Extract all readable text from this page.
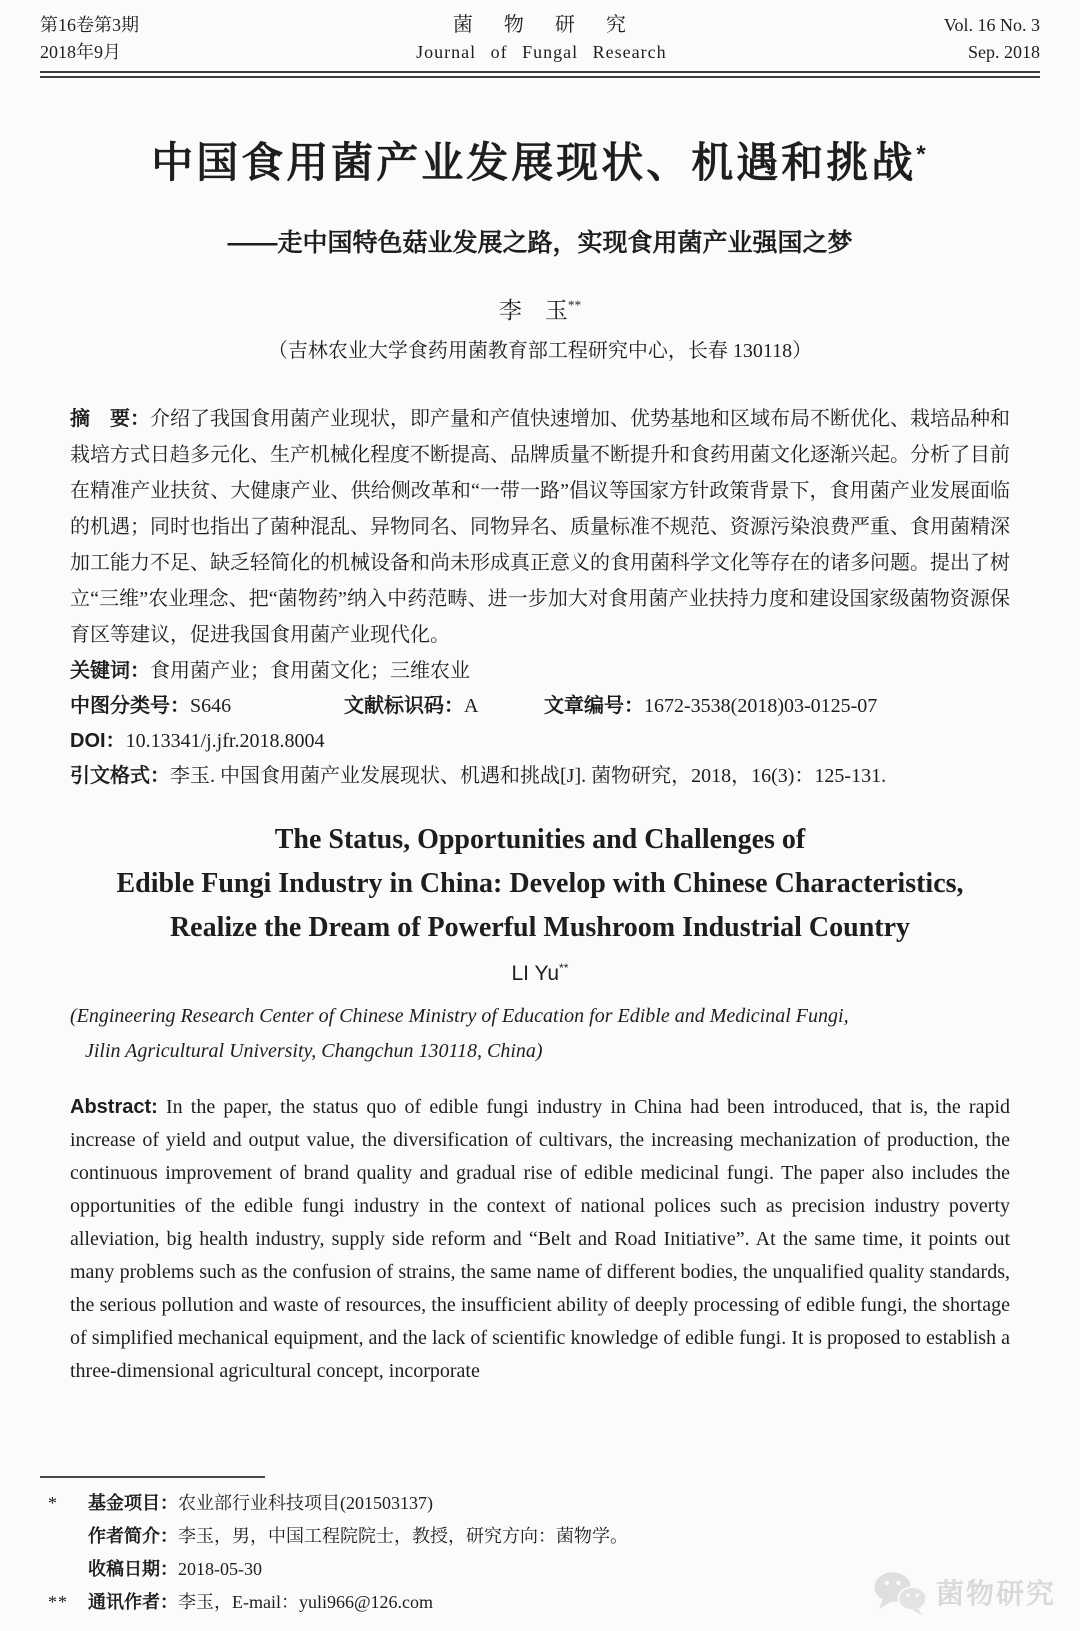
第16卷第3期
2018年9月
菌 物 研 究
Journal of Fungal Research
Vol. 16 No. 3
Sep. 2018
中国食用菌产业发展现状、机遇和挑战*
——走中国特色菇业发展之路，实现食用菌产业强国之梦
李　玉**
（吉林农业大学食药用菌教育部工程研究中心，长春 130118）

摘　要：介绍了我国食用菌产业现状，即产量和产值快速增加、优势基地和区域布局不断优化、栽培品种和栽培方式日趋多元化、生产机械化程度不断提高、品牌质量不断提升和食药用菌文化逐渐兴起。分析了目前在精准产业扶贫、大健康产业、供给侧改革和“一带一路”倡议等国家方针政策背景下，食用菌产业发展面临的机遇；同时也指出了菌种混乱、异物同名、同物异名、质量标准不规范、资源污染浪费严重、食用菌精深加工能力不足、缺乏轻简化的机械设备和尚未形成真正意义的食用菌科学文化等存在的诸多问题。提出了树立“三维”农业理念、把“菌物药”纳入中药范畴、进一步加大对食用菌产业扶持力度和建设国家级菌物资源保育区等建议，促进我国食用菌产业现代化。

关键词：食用菌产业；食用菌文化；三维农业
中图分类号：S646	文献标识码：A	文章编号：1672-3538(2018)03-0125-07
DOI：10.13341/j.jfr.2018.8004
引文格式：李玉. 中国食用菌产业发展现状、机遇和挑战[J]. 菌物研究，2018，16(3)：125-131.
The Status, Opportunities and Challenges of
Edible Fungi Industry in China: Develop with Chinese Characteristics,
Realize the Dream of Powerful Mushroom Industrial Country
LI Yu**
(Engineering Research Center of Chinese Ministry of Education for Edible and Medicinal Fungi,
Jilin Agricultural University, Changchun 130118, China)

Abstract: In the paper, the status quo of edible fungi industry in China had been introduced, that is, the rapid increase of yield and output value, the diversification of cultivars, the increasing mechanization of production, the continuous improvement of brand quality and gradual rise of edible medicinal fungi. The paper also includes the opportunities of the edible fungi industry in the context of national polices such as precision industry poverty alleviation, big health industry, supply side reform and “Belt and Road Initiative”. At the same time, it points out many problems such as the confusion of strains, the same name of different bodies, the unqualified quality standards, the serious pollution and waste of resources, the insufficient ability of deeply processing of edible fungi, the shortage of simplified mechanical equipment, and the lack of scientific knowledge of edible fungi. It is proposed to establish a three-dimensional agricultural concept, incorporate

*	基金项目： 农业部行业科技项目(201503137)
作者简介： 李玉，男，中国工程院院士，教授，研究方向：菌物学。
收稿日期： 2018-05-30
**	通讯作者： 李玉，E-mail：yuli966@126.com	菌物研究
